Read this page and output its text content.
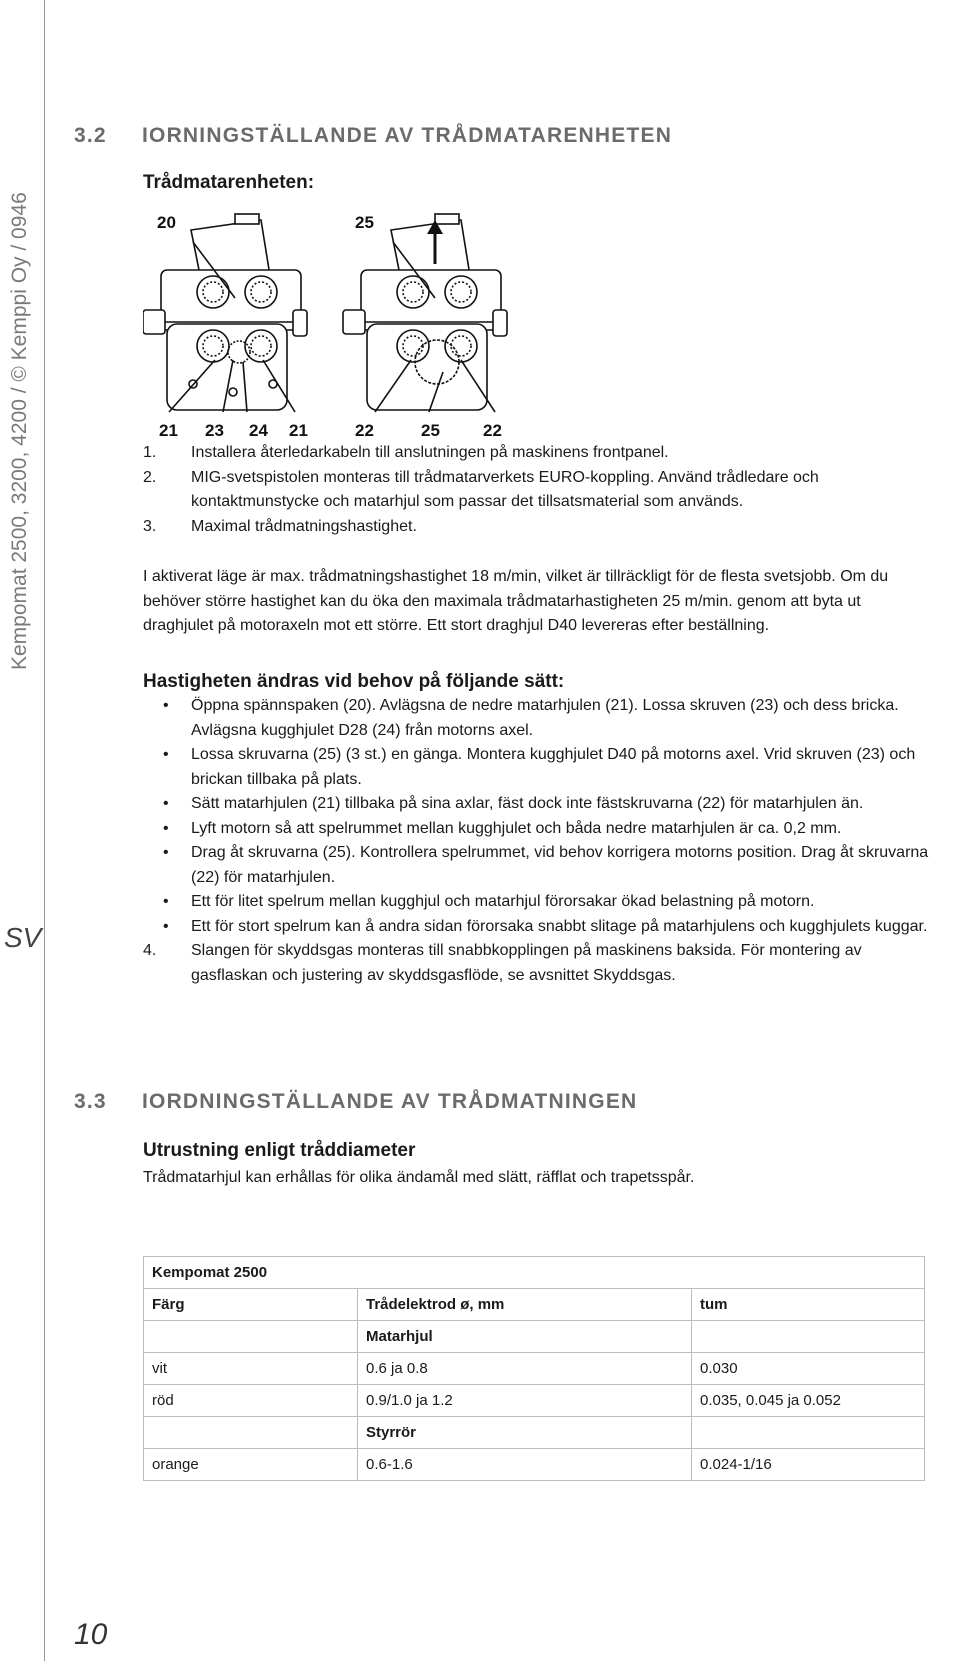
Kempomat 2500, 3200, 4200 / © Kemppi Oy / 0946
SV
10
3.2 IORNINGSTÄLLANDE AV TRÅDMATARENHETEN
Trådmatarenheten:
20	25
21 23 24 21	22	25	22
1. Installera återledarkabeln till anslutningen på maskinens frontpanel.
2. MIG-svetspistolen monteras till trådmatarverkets EURO-koppling. Använd trådledare och kontaktmunstycke och matarhjul som passar det tillsatsmaterial som används.
3. Maximal trådmatningshastighet.
I aktiverat läge är max. trådmatningshastighet 18 m/min, vilket är tillräckligt för de flesta svetsjobb. Om du behöver större hastighet kan du öka den maximala trådmatarhastigheten 25 m/min. genom att byta ut draghjulet på motoraxeln mot ett större. Ett stort draghjul D40 levereras efter beställning.
Hastigheten ändras vid behov på följande sätt:
• Öppna spännspaken (20). Avlägsna de nedre matarhjulen (21). Lossa skruven (23) och dess bricka. Avlägsna kugghjulet D28 (24) från motorns axel.
• Lossa skruvarna (25) (3 st.) en gänga. Montera kugghjulet D40 på motorns axel. Vrid skruven (23) och brickan tillbaka på plats.
• Sätt matarhjulen (21) tillbaka på sina axlar, fäst dock inte fästskruvarna (22) för matarhjulen än.
• Lyft motorn så att spelrummet mellan kugghjulet och båda nedre matarhjulen är ca. 0,2 mm.
• Drag åt skruvarna (25). Kontrollera spelrummet, vid behov korrigera motorns position. Drag åt skruvarna (22) för matarhjulen.
• Ett för litet spelrum mellan kugghjul och matarhjul förorsakar ökad belastning på motorn.
• Ett för stort spelrum kan å andra sidan förorsaka snabbt slitage på matarhjulens och kugghjulets kuggar.
4. Slangen för skyddsgas monteras till snabbkopplingen på maskinens baksida. För montering av gasflaskan och justering av skyddsgasflöde, se avsnittet Skyddsgas.
3.3 IORDNINGSTÄLLANDE AV TRÅDMATNINGEN
Utrustning enligt tråddiameter
Trådmatarhjul kan erhållas för olika ändamål med slätt, räfflat och trapetsspår.
Kempomat 2500		
Färg	Trådelektrod ø, mm	tum
	Matarhjul	
vit	0.6 ja 0.8	0.030
röd	0.9/1.0 ja 1.2	0.035, 0.045 ja 0.052
	Styrrör	
orange	0.6-1.6	0.024-1/16
